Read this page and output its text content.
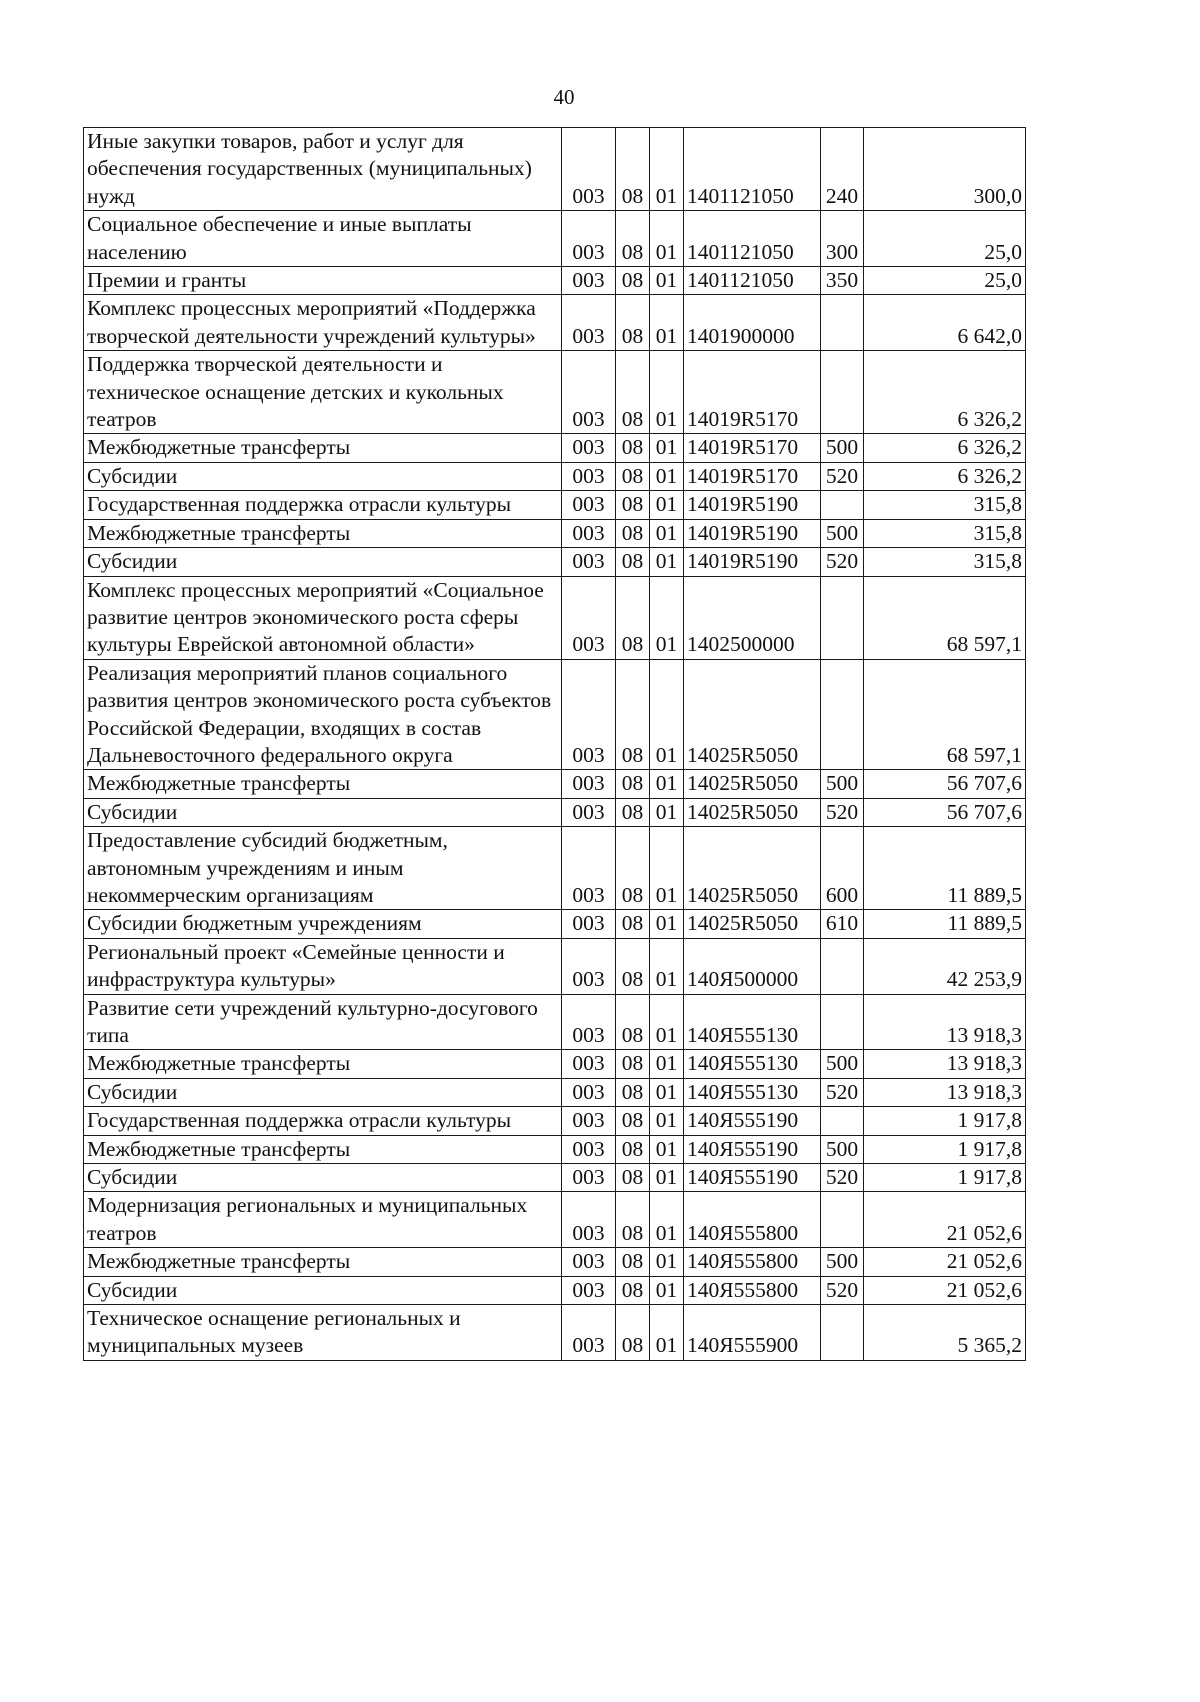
40
Иные закупки товаров, работ и услуг для обеспечения государственных (муниципальных) нужд	003	08	01	1401121050	240	300,0
Социальное обеспечение и иные выплаты населению	003	08	01	1401121050	300	25,0
Премии и гранты	003	08	01	1401121050	350	25,0
Комплекс процессных мероприятий «Поддержка творческой деятельности учреждений культуры»	003	08	01	1401900000		6 642,0
Поддержка творческой деятельности и техническое оснащение детских и кукольных театров	003	08	01	14019R5170		6 326,2
Межбюджетные трансферты	003	08	01	14019R5170	500	6 326,2
Субсидии	003	08	01	14019R5170	520	6 326,2
Государственная поддержка отрасли культуры	003	08	01	14019R5190		315,8
Межбюджетные трансферты	003	08	01	14019R5190	500	315,8
Субсидии	003	08	01	14019R5190	520	315,8
Комплекс процессных мероприятий «Социальное развитие центров экономического роста сферы культуры Еврейской автономной области»	003	08	01	1402500000		68 597,1
Реализация мероприятий планов социального развития центров экономического роста субъектов Российской Федерации, входящих в состав Дальневосточного федерального округа	003	08	01	14025R5050		68 597,1
Межбюджетные трансферты	003	08	01	14025R5050	500	56 707,6
Субсидии	003	08	01	14025R5050	520	56 707,6
Предоставление субсидий бюджетным, автономным учреждениям и иным некоммерческим организациям	003	08	01	14025R5050	600	11 889,5
Субсидии бюджетным учреждениям	003	08	01	14025R5050	610	11 889,5
Региональный проект «Семейные ценности и инфраструктура культуры»	003	08	01	140Я500000		42 253,9
Развитие сети учреждений культурно-досугового типа	003	08	01	140Я555130		13 918,3
Межбюджетные трансферты	003	08	01	140Я555130	500	13 918,3
Субсидии	003	08	01	140Я555130	520	13 918,3
Государственная поддержка отрасли культуры	003	08	01	140Я555190		1 917,8
Межбюджетные трансферты	003	08	01	140Я555190	500	1 917,8
Субсидии	003	08	01	140Я555190	520	1 917,8
Модернизация региональных и муниципальных театров	003	08	01	140Я555800		21 052,6
Межбюджетные трансферты	003	08	01	140Я555800	500	21 052,6
Субсидии	003	08	01	140Я555800	520	21 052,6
Техническое оснащение региональных и муниципальных музеев	003	08	01	140Я555900		5 365,2
